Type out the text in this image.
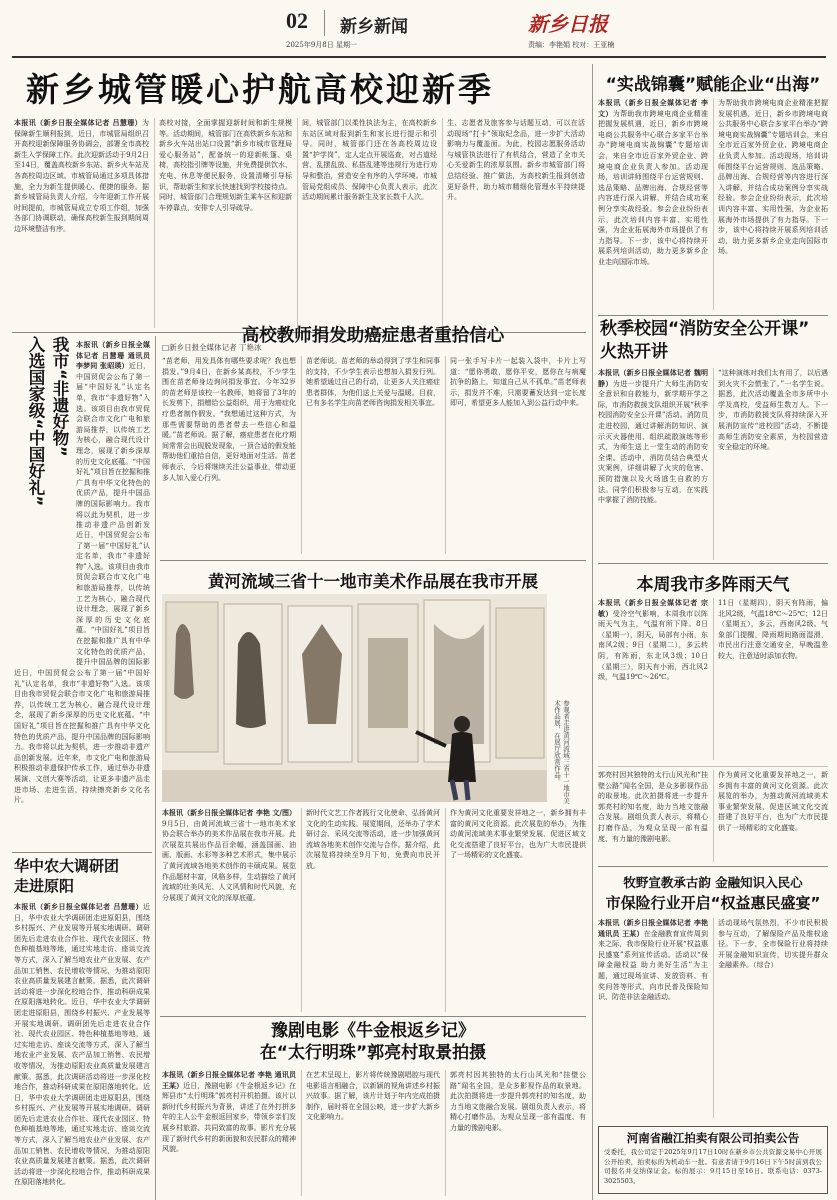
02 新乡新闻
2025年9月8日 星期一
新乡日报
责编：李艳娟 校对：王亚楠
新乡城管暖心护航高校迎新季
本报讯（新乡日报全媒体记者 吕慧珊）为保障新生顺利报到，近日，市城管局组织召开高校迎新保障服务协调会，部署全市高校新生入学保障工作。此次迎新活动于9月2日至14日，覆盖高校新乡东站、新乡火车站及各高校周边区域。市城管局通过多项具体措施，全力为新生提供暖心、便捷的服务。据新乡城管局负责人介绍，今年迎新工作开展时间提前，市城管局成立专项工作组，加强各部门协调联动，确保高校新生报到期间周边环境整洁有序。
高校对接，全面掌握迎新时间和新生规模等。活动期间，城管部门在高铁新乡东站和新乡火车站出站口设置“新乡市城市管理局爱心服务站”，配备统一的迎新帐篷、桌椅，高校指引牌等设施，并免费提供饮水、充电、休息等便民服务，设置清晰引导标识，帮助新生和家长快速找到学校接待点。同时，城管部门合理规划新生乘车区和迎新车停靠点，安排专人引导疏导。
间，城管部门以柔性执法为主，在高校新乡东站区域对报到新生和家长进行提示和引导。同时，城管部门还在各高校周边设置“护学岗”，定人定点开展巡查，对占道经营、乱摆乱放、私搭乱建等违规行为进行劝导和整治，营造安全有序的入学环境。市城管局党组成员、保障中心负责人表示，此次活动期间累计服务新生及家长数千人次。
生、志愿者及旅客参与话题互动，可以在活动现场“打卡”领取纪念品，进一步扩大活动影响力与覆盖面。为此，校园志愿服务活动与城管执法进行了有机结合，营造了全市关心关爱新生的浓厚氛围。新乡市城管部门将总结经验、推广做法，为高校新生报到创造更好条件，助力城市精细化管理水平持续提升。
“实战锦囊”赋能企业“出海”
本报讯（新乡日报全媒体记者 李文）为帮助我市跨境电商企业精准把握发展机遇，近日，新乡市跨境电商公共服务中心联合多家平台举办“跨境电商实战锦囊”专题培训会，来自全市近百家外贸企业、跨境电商企业负责人参加。活动现场，培训讲师围绕平台运营规则、选品策略、品牌出海、合规经营等内容进行深入讲解，并结合成功案例分享实战经验。参会企业纷纷表示，此次培训内容丰富、实用性强，为企业拓展海外市场提供了有力指导。下一步，该中心将持续开展系列培训活动，助力更多新乡企业走向国际市场。
为帮助我市跨境电商企业精准把握发展机遇，近日，新乡市跨境电商公共服务中心联合多家平台举办“跨境电商实战锦囊”专题培训会，来自全市近百家外贸企业、跨境电商企业负责人参加。活动现场，培训讲师围绕平台运营规则、选品策略、品牌出海、合规经营等内容进行深入讲解，并结合成功案例分享实战经验。参会企业纷纷表示，此次培训内容丰富、实用性强，为企业拓展海外市场提供了有力指导。下一步，该中心将持续开展系列培训活动，助力更多新乡企业走向国际市场。
秋季校园“消防安全公开课”
火热开讲
本报讯（新乡日报全媒体记者 魏明静）为进一步提升广大师生消防安全意识和自救能力，新学期开学之际，市消防救援支队组织开展“秋季校园消防安全公开课”活动。消防员走进校园，通过讲解消防知识、演示灭火器使用、组织疏散演练等形式，为师生送上一堂生动的消防安全课。活动中，消防员结合典型火灾案例，详细讲解了火灾的危害、预防措施以及火场逃生自救的方法。同学们积极参与互动，在实践中掌握了消防技能。
“这种演练对我们太有用了，以后遇到火灾不会慌张了。”一名学生说。据悉，此次活动覆盖全市多所中小学及高校，受益师生数万人。下一步，市消防救援支队将持续深入开展消防宣传“进校园”活动，不断提高师生消防安全素质，为校园营造安全稳定的环境。
本周我市多阵雨天气
本报讯（新乡日报全媒体记者 宗敏）受冷空气影响，本周我市以阵雨天气为主，气温有所下降。8日（星期一），阴天，局部有小雨，东南风2级；9日（星期二），多云转阴，有阵雨，东北风3级；10日（星期三），阴天有小雨，西北风2级，气温19℃～26℃。
11日（星期四），阴天有阵雨，偏北风2级，气温18℃～25℃；12日（星期五），多云，西南风2级。气象部门提醒，降雨期间路面湿滑，市民出行注意交通安全，早晚温差较大，注意适时添加衣物。
郭亮村因其独特的太行山风光和“挂壁公路”闻名全国，是众多影视作品的取景地。此次拍摄将进一步提升郭亮村的知名度，助力当地文旅融合发展。剧组负责人表示，将精心打磨作品，为观众呈现一部有温度、有力量的豫剧电影。
作为黄河文化重要发祥地之一，新乡拥有丰富的黄河文化资源。此次展览的举办，为推动黄河流域美术事业繁荣发展、促进区域文化交流搭建了良好平台，也为广大市民提供了一场精彩的文化盛宴。
牧野宣教承古韵 金融知识入民心
市保险行业开启“权益惠民盛宴”
本报讯（新乡日报全媒体记者 李艳 通讯员 王某）在金融教育宣传周到来之际，我市保险行业开展“权益惠民盛宴”系列宣传活动。活动以“保障金融权益 助力美好生活”为主题，通过现场宣讲、发放资料、有奖问答等形式，向市民普及保险知识、防范非法金融活动。
活动现场气氛热烈，不少市民积极参与互动，了解保险产品及维权途径。下一步，全市保险行业将持续开展金融知识宣传，切实提升群众金融素养。（综合）
河南省融江拍卖有限公司拍卖公告
受委托，我公司定于2025年9月17日10时在新乡市公共资源交易中心开展公开拍卖，拍卖标的为机动车一批。有意者请于9月16日下午5时前到我公司报名并交纳保证金。标的展示：9月15日至16日。联系电话：0373-3025503。
我市“非遗好物”
入选国家级“中国好礼”	本报讯（新乡日报全媒体记者 吕慧珊 通讯员 李梦同 张昭瑛）近日，中国贸促会公布了第一届“中国好礼”认定名单，我市“非遗好物”入选。该项目由我市贸促会联合市文化广电和旅游局推荐，以传统工艺为核心，融合现代设计理念，展现了新乡深厚的历史文化底蕴。“中国好礼”项目旨在挖掘和推广具有中华文化特色的优质产品，提升中国品牌的国际影响力。我市将以此为契机，进一步推动非遗产品创新发
近日，中国贸促会公布了第一届“中国好礼”认定名单，我市“非遗好物”入选。该项目由我市贸促会联合市文化广电和旅游局推荐，以传统工艺为核心，融合现代设计理念，展现了新乡深厚的历史文化底蕴。“中国好礼”项目旨在挖掘和推广具有中华文化特色的优质产品，提升中国品牌的国际影
近日，中国贸促会公布了第一届“中国好礼”认定名单，我市“非遗好物”入选。该项目由我市贸促会联合市文化广电和旅游局推荐，以传统工艺为核心，融合现代设计理念，展现了新乡深厚的历史文化底蕴。“中国好礼”项目旨在挖掘和推广具有中华文化特色的优质产品，提升中国品牌的国际影响力。我市将以此为契机，进一步推动非遗产品创新发展。近年来，市文化广电和旅游局积极推动非遗保护传承工作，通过举办非遗展演、文创大赛等活动，让更多非遗产品走进市场、走进生活，持续擦亮新乡文化名片。
高校教师捐发助癌症患者重拾信心
□新乡日报全媒体记者 丁艳冰
“苗老师，用发具体有哪些要求呢？我也想捐发。”9月4日，在新乡某高校，不少学生围在苗老师身边询问捐发事宜。今年32岁的苗老师是该校一名教师，她将留了3年的长发剪下，捐赠给公益组织，用于为癌症化疗患者制作假发。“我想通过这种方式，为那些需要帮助的患者带去一些信心和温暖。”苗老师说。据了解，癌症患者在化疗期间常常会出现脱发现象，一顶合适的假发能帮助他们重拾自信，更好地面对生活。苗老师表示，今后将继续关注公益事业，带动更多人加入爱心行列。
苗老师说。苗老师的举动得到了学生和同事的支持，不少学生表示也想加入捐发行列。她希望通过自己的行动，让更多人关注癌症患者群体，为他们送上关爱与温暖。目前，已有多名学生向苗老师咨询捐发相关事宜。
同一张手写卡片一起装入袋中，卡片上写道：“愿你勇敢，愿你平安，愿你在与病魔抗争的路上，知道自己从不孤单。”苗老师表示，捐发并不难，只需要蓄发达到一定长度即可，希望更多人能加入到公益行动中来。
黄河流域三省十一地市美术作品展在我市开展
参观者走进黄河流域三省十一地市美术作品展，在展厅欣赏作品。
本报讯（新乡日报全媒体记者 李艳 文/图）9月5日，由黄河流域三省十一地市美术家协会联合举办的美术作品展在我市开展。此次展览共展出作品百余幅，涵盖国画、油画、版画、水彩等多种艺术形式，集中展示了黄河流域各地美术创作的丰硕成果。展览作品题材丰富，风格多样，生动描绘了黄河流域的壮美风光、人文风情和时代风貌，充分展现了黄河文化的深厚底蕴。
新时代文艺工作者践行文化使命、弘扬黄河文化的生动实践。展览期间，还举办了学术研讨会、采风交流等活动，进一步加强黄河流域各地美术创作交流与合作。据介绍，此次展览将持续至9月下旬，免费向市民开放。
作为黄河文化重要发祥地之一，新乡拥有丰富的黄河文化资源。此次展览的举办，为推动黄河流域美术事业繁荣发展、促进区域文化交流搭建了良好平台，也为广大市民提供了一场精彩的文化盛宴。
华中农大调研团
走进原阳
本报讯（新乡日报全媒体记者 吕慧珊）近日，华中农业大学调研团走进原阳县，围绕乡村振兴、产业发展等开展实地调研。调研团先后走进农业合作社、现代农业园区、特色种植基地等地，通过实地走访、座谈交流等方式，深入了解当地农业产业发展、农产品加工销售、农民增收等情况，为推动原阳农业高质量发展建言献策。据悉，此次调研活动将进一步深化校地合作，推动科研成果在原阳落地转化。近日，华中农业大学调研团走进原阳县，围绕乡村振兴、产业发展等开展实地调研。调研团先后走进农业合作社、现代农业园区、特色种植基地等地，通过实地走访、座谈交流等方式，深入了解当地农业产业发展、农产品加工销售、农民增收等情况，为推动原阳农业高质量发展建言献策。据悉，此次调研活动将进一步深化校地合作，推动科研成果在原阳落地转化。近日，华中农业大学调研团走进原阳县，围绕乡村振兴、产业发展等开展实地调研。调研团先后走进农业合作社、现代农业园区、特色种植基地等地，通过实地走访、座谈交流等方式，深入了解当地农业产业发展、农产品加工销售、农民增收等情况，为推动原阳农业高质量发展建言献策。据悉，此次调研活动将进一步深化校地合作，推动科研成果在原阳落地转化。
豫剧电影《牛金根返乡记》
在“太行明珠”郭亮村取景拍摄
本报讯（新乡日报全媒体记者 李艳 通讯员 王某）近日，豫剧电影《牛金根返乡记》在辉县市“太行明珠”郭亮村开机拍摄。该片以新时代乡村振兴为背景，讲述了在外打拼多年的主人公牛金根返回家乡，带领乡亲们发展乡村旅游、共同致富的故事。影片充分展现了新时代乡村的新面貌和农民群众的精神风貌。
在艺术呈现上，影片将传统豫剧唱腔与现代电影语言相融合，以新颖的视角讲述乡村振兴故事。据了解，该片计划于年内完成拍摄制作，届时将在全国公映，进一步扩大新乡文化影响力。
郭亮村因其独特的太行山风光和“挂壁公路”闻名全国，是众多影视作品的取景地。此次拍摄将进一步提升郭亮村的知名度，助力当地文旅融合发展。剧组负责人表示，将精心打磨作品，为观众呈现一部有温度、有力量的豫剧电影。
